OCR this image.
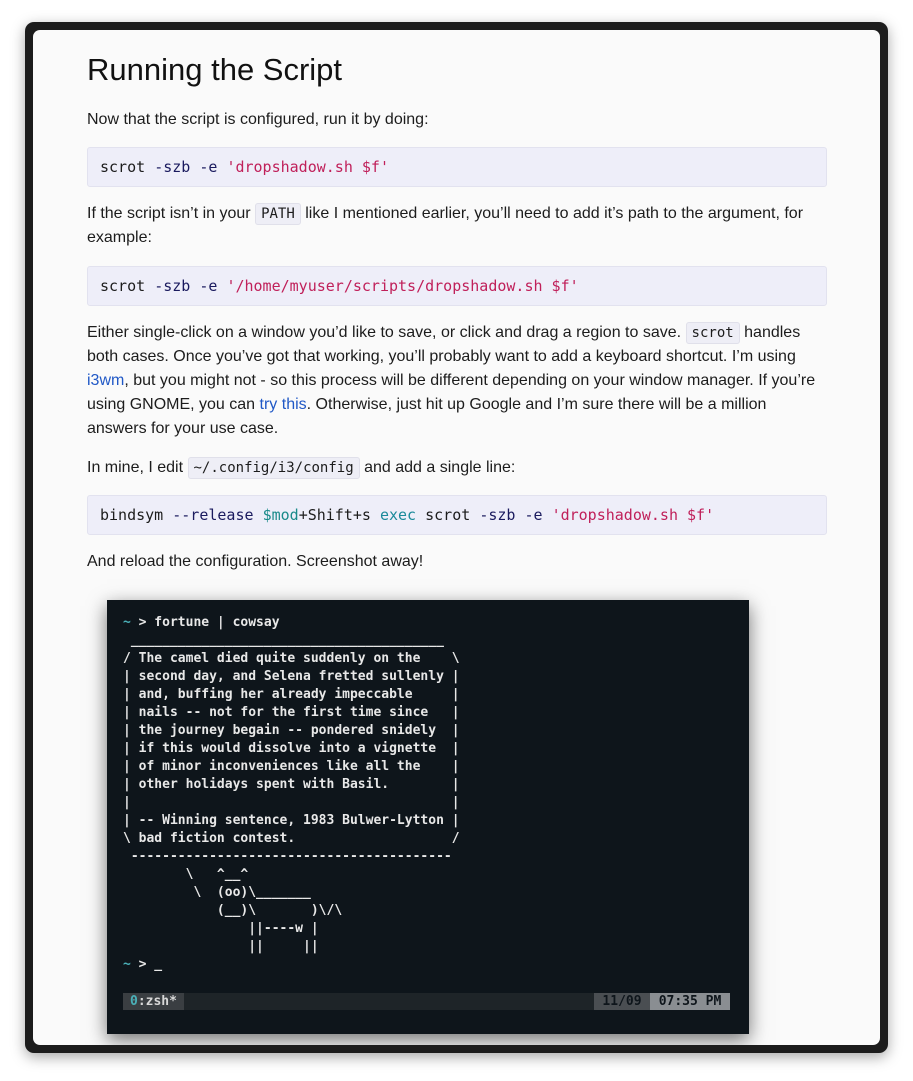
Running the Script

Now that the script is configured, run it by doing:

scrot -szb -e 'dropshadow.sh $f'

If the script isn’t in your PATH like I mentioned earlier, you’ll need to add it’s path to the argument, for example:

scrot -szb -e '/home/myuser/scripts/dropshadow.sh $f'

Either single-click on a window you’d like to save, or click and drag a region to save. scrot handles both cases. Once you’ve got that working, you’ll probably want to add a keyboard shortcut. I’m using i3wm, but you might not - so this process will be different depending on your window manager. If you’re using GNOME, you can try this. Otherwise, just hit up Google and I’m sure there will be a million answers for your use case.

In mine, I edit ~/.config/i3/config and add a single line:

bindsym --release $mod+Shift+s exec scrot -szb -e 'dropshadow.sh $f'

And reload the configuration. Screenshot away!

~ > fortune | cowsay
________________________________________
/ The camel died quite suddenly on the    \
| second day, and Selena fretted sullenly |
| and, buffing her already impeccable     |
| nails -- not for the first time since   |
| the journey begain -- pondered snidely  |
| if this would dissolve into a vignette  |
| of minor inconveniences like all the    |
| other holidays spent with Basil.        |
|                                         |
| -- Winning sentence, 1983 Bulwer-Lytton |
\ bad fiction contest.                    /
-----------------------------------------
\   ^__^
\  (oo)\_______
(__)\       )\/\
||----w |
||     ||
~ > _
0:zsh*	11/09	07:35 PM
